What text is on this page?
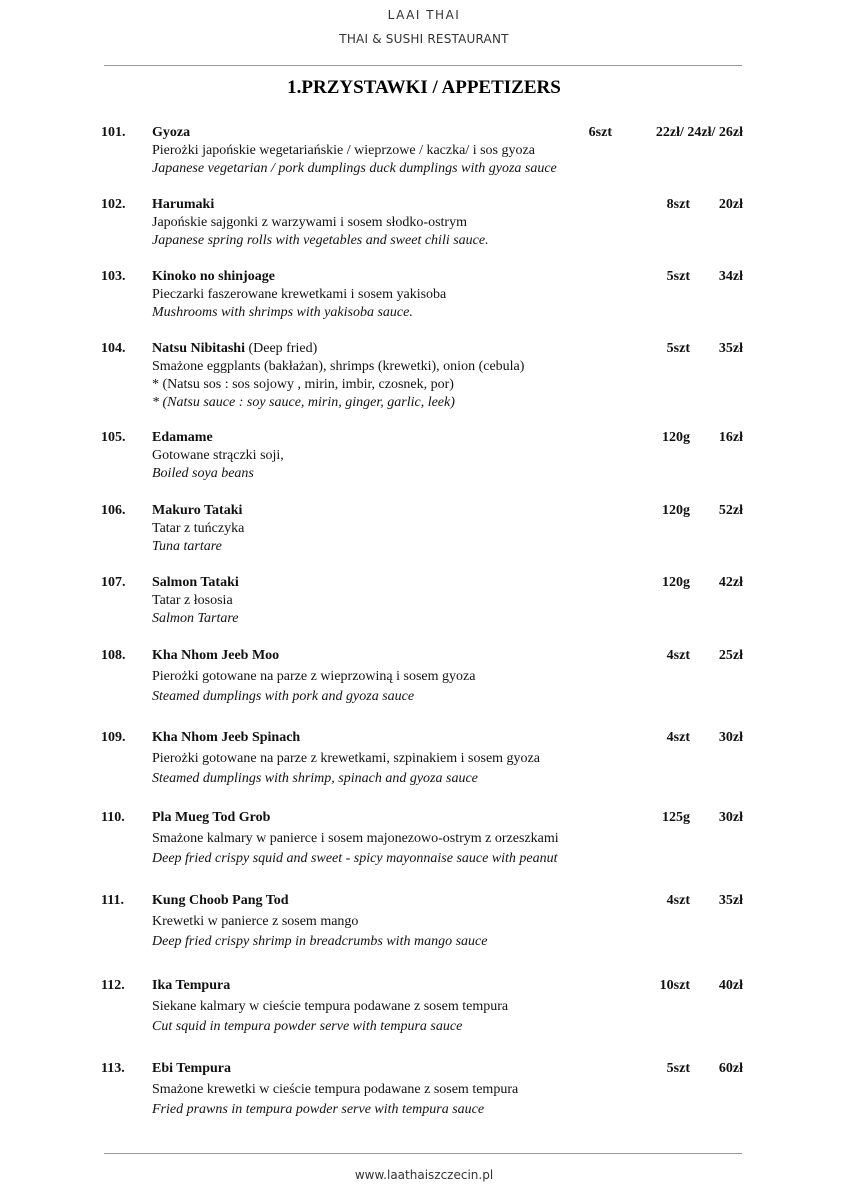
LAAI THAI
THAI & SUSHI RESTAURANT
1.PRZYSTAWKI / APPETIZERS
101. Gyoza
Pierożki japońskie wegetariańskie / wieprzowe / kaczka/ i sos gyoza
Japanese vegetarian / pork dumplings duck dumplings with gyoza sauce
6szt	22zł/ 24zł/ 26zł
102. Harumaki
Japońskie sajgonki z warzywami i sosem słodko-ostrym
Japanese spring rolls with vegetables and sweet chili sauce.
8szt 20zł
103. Kinoko no shinjoage
Pieczarki faszerowane krewetkami i sosem yakisoba
Mushrooms with shrimps with yakisoba sauce.
5szt 34zł
104. Natsu Nibitashi (Deep fried)
Smażone eggplants (bakłażan), shrimps (krewetki), onion (cebula)
* (Natsu sos : sos sojowy , mirin, imbir, czosnek, por)
* (Natsu sauce : soy sauce, mirin, ginger, garlic, leek)
5szt 35zł
105. Edamame
Gotowane strączki soji,
Boiled soya beans
120g 16zł
106. Makuro Tataki
Tatar z tuńczyka
Tuna tartare
120g 52zł
107. Salmon Tataki
Tatar z łososia
Salmon Tartare
120g 42zł
108. Kha Nhom Jeeb Moo
Pierożki gotowane na parze z wieprzowiną i sosem gyoza
Steamed dumplings with pork and gyoza sauce
4szt 25zł
109. Kha Nhom Jeeb Spinach
Pierożki gotowane na parze z krewetkami, szpinakiem i sosem gyoza
Steamed dumplings with shrimp, spinach and gyoza sauce
4szt 30zł
110. Pla Mueg Tod Grob
Smażone kalmary w panierce i sosem majonezowo-ostrym z orzeszkami
Deep fried crispy squid and sweet - spicy mayonnaise sauce with peanut
125g 30zł
111. Kung Choob Pang Tod
Krewetki w panierce z sosem mango
Deep fried crispy shrimp in breadcrumbs with mango sauce
4szt 35zł
112. Ika Tempura
Siekane kalmary w cieście tempura podawane z sosem tempura
Cut squid in tempura powder serve with tempura sauce
10szt 40zł
113. Ebi Tempura
Smażone krewetki w cieście tempura podawane z sosem tempura
Fried prawns in tempura powder serve with tempura sauce
5szt 60zł
www.laathaiszczecin.pl
